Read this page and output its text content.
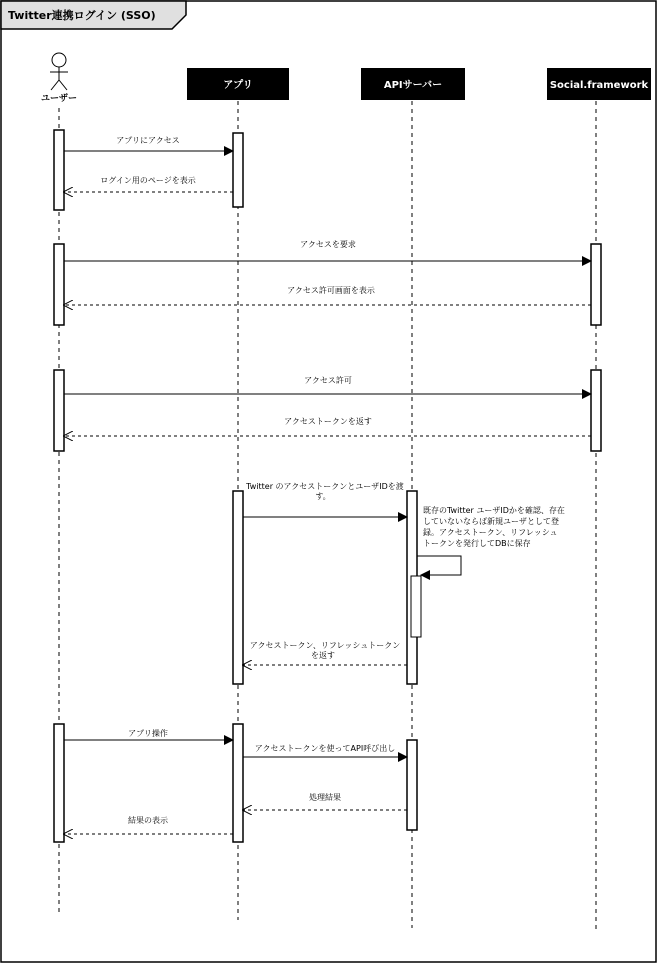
Twitter連携ログイン (SSO)
ユーザー
アプリ	APIサーバー	Social.framework
アプリにアクセス
ログイン用のページを表示
アクセスを要求
アクセス許可画面を表示
アクセス許可
アクセストークンを返す
Twitter のアクセストークンとユーザIDを渡
す。
既存のTwitter ユーザIDかを確認、存在
していないならば新規ユーザとして登
録。アクセストークン、リフレッシュ
トークンを発行してDBに保存
アクセストークン、リフレッシュトークン
を返す
アプリ操作
アクセストークンを使ってAPI呼び出し
処理結果
結果の表示
